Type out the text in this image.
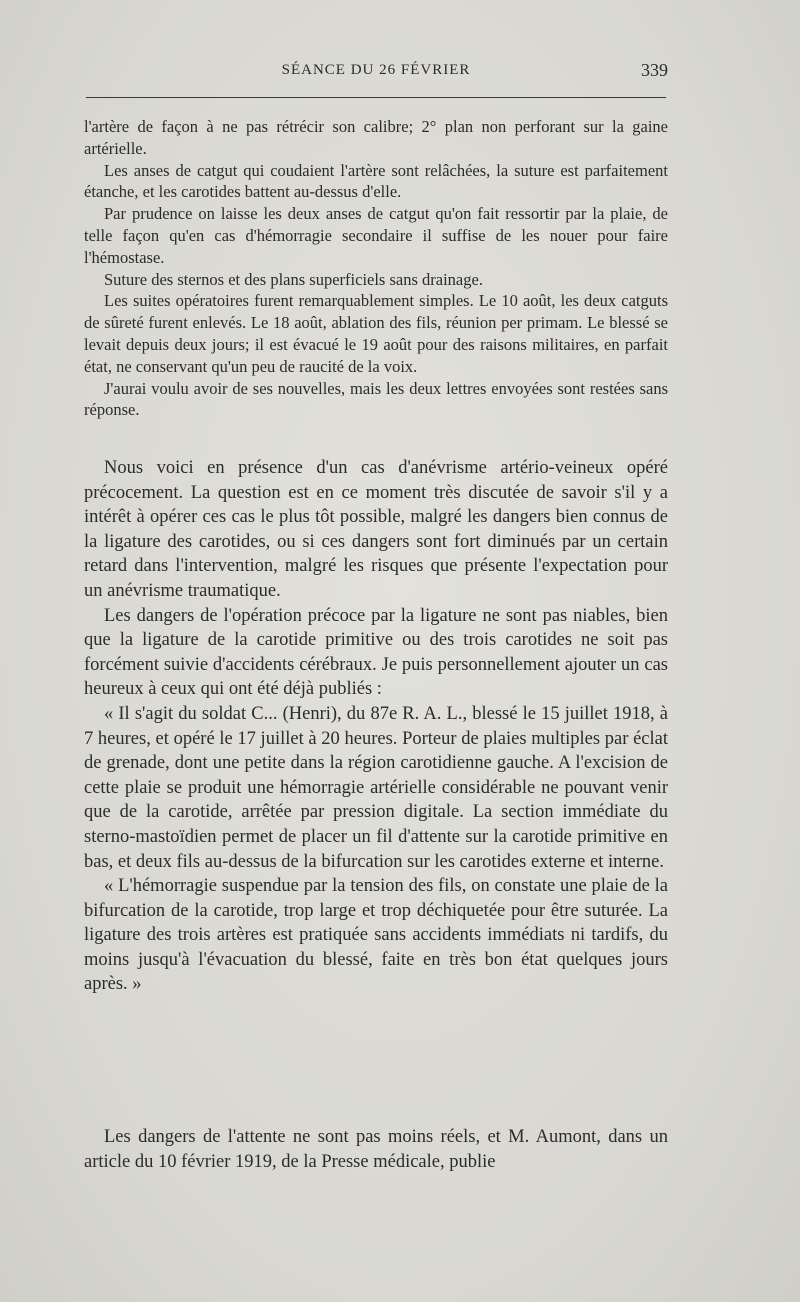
SÉANCE DU 26 FÉVRIER	339

l'artère de façon à ne pas rétrécir son calibre; 2° plan non perforant sur la gaine artérielle.

Les anses de catgut qui coudaient l'artère sont relâchées, la suture est parfaitement étanche, et les carotides battent au-dessus d'elle.

Par prudence on laisse les deux anses de catgut qu'on fait ressortir par la plaie, de telle façon qu'en cas d'hémorragie secondaire il suffise de les nouer pour faire l'hémostase.

Suture des sternos et des plans superficiels sans drainage.

Les suites opératoires furent remarquablement simples. Le 10 août, les deux catguts de sûreté furent enlevés. Le 18 août, ablation des fils, réunion per primam. Le blessé se levait depuis deux jours; il est évacué le 19 août pour des raisons militaires, en parfait état, ne conservant qu'un peu de raucité de la voix.

J'aurai voulu avoir de ses nouvelles, mais les deux lettres envoyées sont restées sans réponse.

Nous voici en présence d'un cas d'anévrisme artério-veineux opéré précocement. La question est en ce moment très discutée de savoir s'il y a intérêt à opérer ces cas le plus tôt possible, malgré les dangers bien connus de la ligature des carotides, ou si ces dangers sont fort diminués par un certain retard dans l'intervention, malgré les risques que présente l'expectation pour un anévrisme traumatique.

Les dangers de l'opération précoce par la ligature ne sont pas niables, bien que la ligature de la carotide primitive ou des trois carotides ne soit pas forcément suivie d'accidents cérébraux. Je puis personnellement ajouter un cas heureux à ceux qui ont été déjà publiés :

« Il s'agit du soldat C... (Henri), du 87e R. A. L., blessé le 15 juillet 1918, à 7 heures, et opéré le 17 juillet à 20 heures. Porteur de plaies multiples par éclat de grenade, dont une petite dans la région carotidienne gauche. A l'excision de cette plaie se produit une hémorragie artérielle considérable ne pouvant venir que de la carotide, arrêtée par pression digitale. La section immédiate du sterno-mastoïdien permet de placer un fil d'attente sur la carotide primitive en bas, et deux fils au-dessus de la bifurcation sur les carotides externe et interne.

« L'hémorragie suspendue par la tension des fils, on constate une plaie de la bifurcation de la carotide, trop large et trop déchiquetée pour être suturée. La ligature des trois artères est pratiquée sans accidents immédiats ni tardifs, du moins jusqu'à l'évacuation du blessé, faite en très bon état quelques jours après. »

Les dangers de l'attente ne sont pas moins réels, et M. Aumont, dans un article du 10 février 1919, de la Presse médicale, publie
